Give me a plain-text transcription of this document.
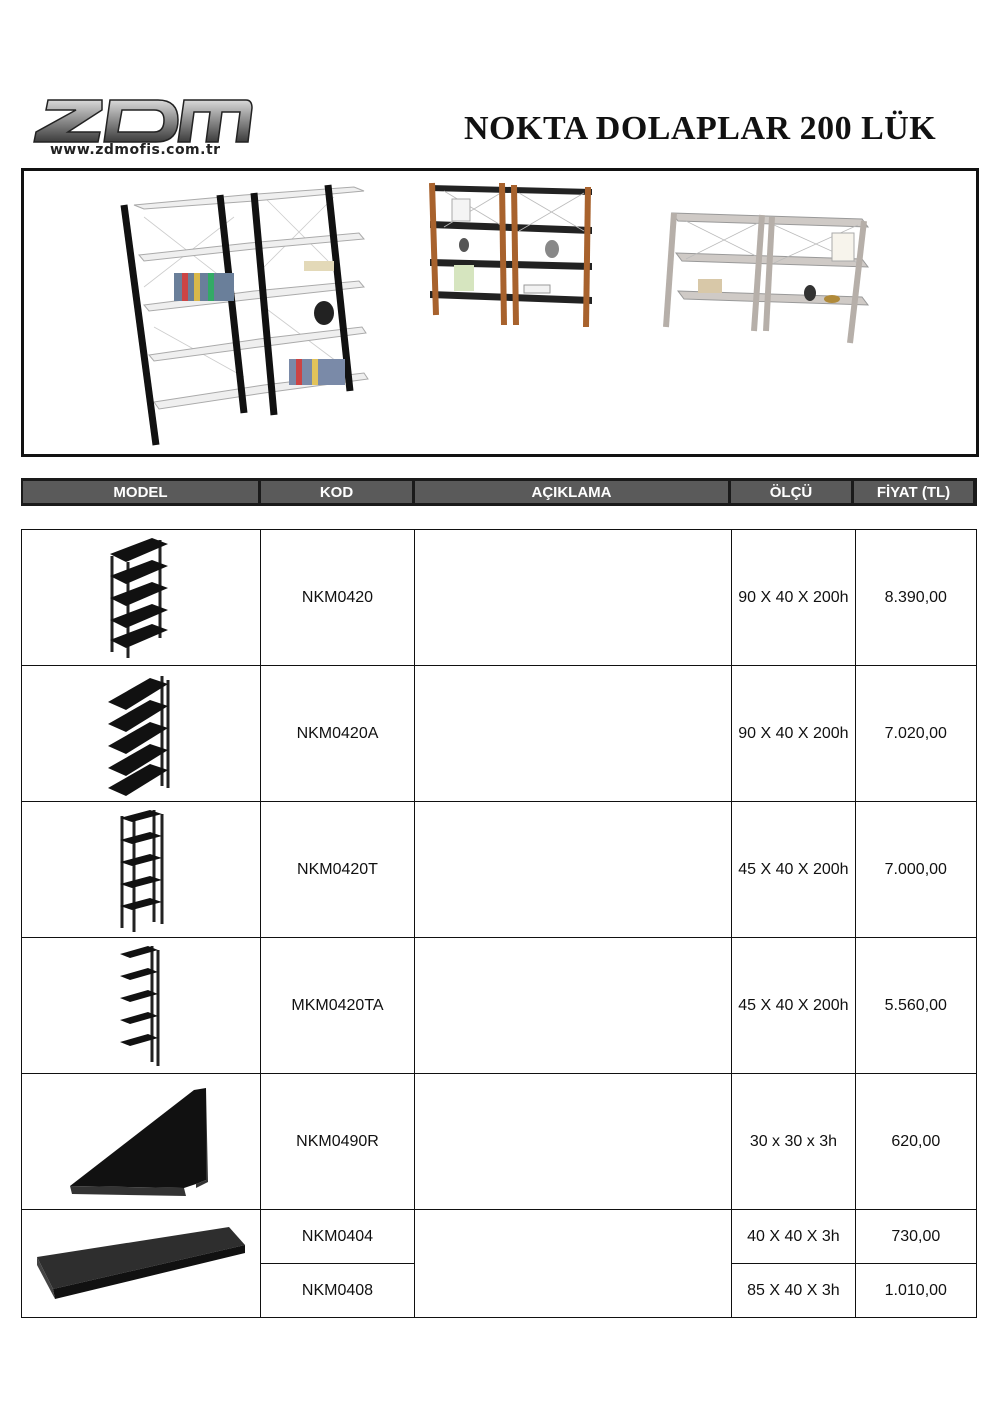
www.zdmofis.com.tr
NOKTA DOLAPLAR 200 LÜK
MODEL	KOD	AÇIKLAMA	ÖLÇÜ	FİYAT (TL)
	NKM0420		90 X 40 X 200h	8.390,00

	NKM0420A		90 X 40 X 200h	7.020,00

	NKM0420T		45 X 40 X 200h	7.000,00

	MKM0420TA		45 X 40 X 200h	5.560,00

	NKM0490R		30 x 30 x 3h	620,00

	NKM0404		40 X 40 X 3h	730,00
	NKM0408		85 X 40 X 3h	1.010,00
